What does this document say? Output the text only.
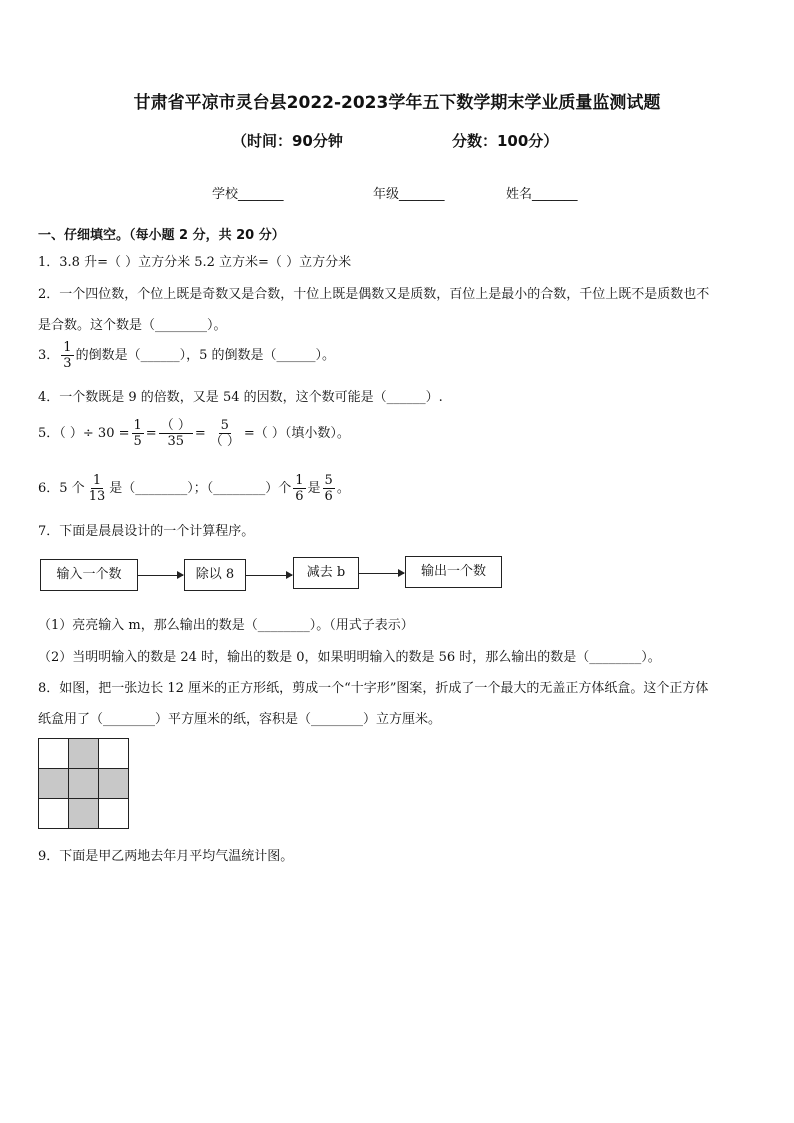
甘肃省平凉市灵台县2022-2023学年五下数学期末学业质量监测试题
（时间：90分钟	分数：100分）
学校_______	年级_______	姓名_______
一、仔细填空。（每小题 2 分，共 20 分）
1．3.8 升=（ ）立方分米 5.2 立方米=（ ）立方分米
2．一个四位数，个位上既是奇数又是合数，十位上既是偶数又是质数，百位上是最小的合数，千位上既不是质数也不
是合数。这个数是（________）。
3． $\frac{1}{3}$ 的倒数是（______），5 的倒数是（______）。
4．一个数既是 9 的倍数，又是 54 的因数，这个数可能是（______）.
5．（ ）÷ $30 = \frac{1}{5} = \frac{( )}{35} = \frac{5}{( )}$ =（ ）（填小数）。
6．5 个 $\frac{1}{13}$ 是（________）；（________）个 $\frac{1}{6}$ 是 $\frac{5}{6}$ 。
7．下面是晨晨设计的一个计算程序。
输入一个数	除以 8	减去 b	输出一个数
（1）亮亮输入 m，那么输出的数是（________）。（用式子表示）
（2）当明明输入的数是 24 时，输出的数是 0，如果明明输入的数是 56 时，那么输出的数是（________）。
8．如图，把一张边长 12 厘米的正方形纸，剪成一个“十字形”图案，折成了一个最大的无盖正方体纸盒。这个正方体
纸盒用了（________）平方厘米的纸，容积是（________）立方厘米。
9．下面是甲乙两地去年月平均气温统计图。
